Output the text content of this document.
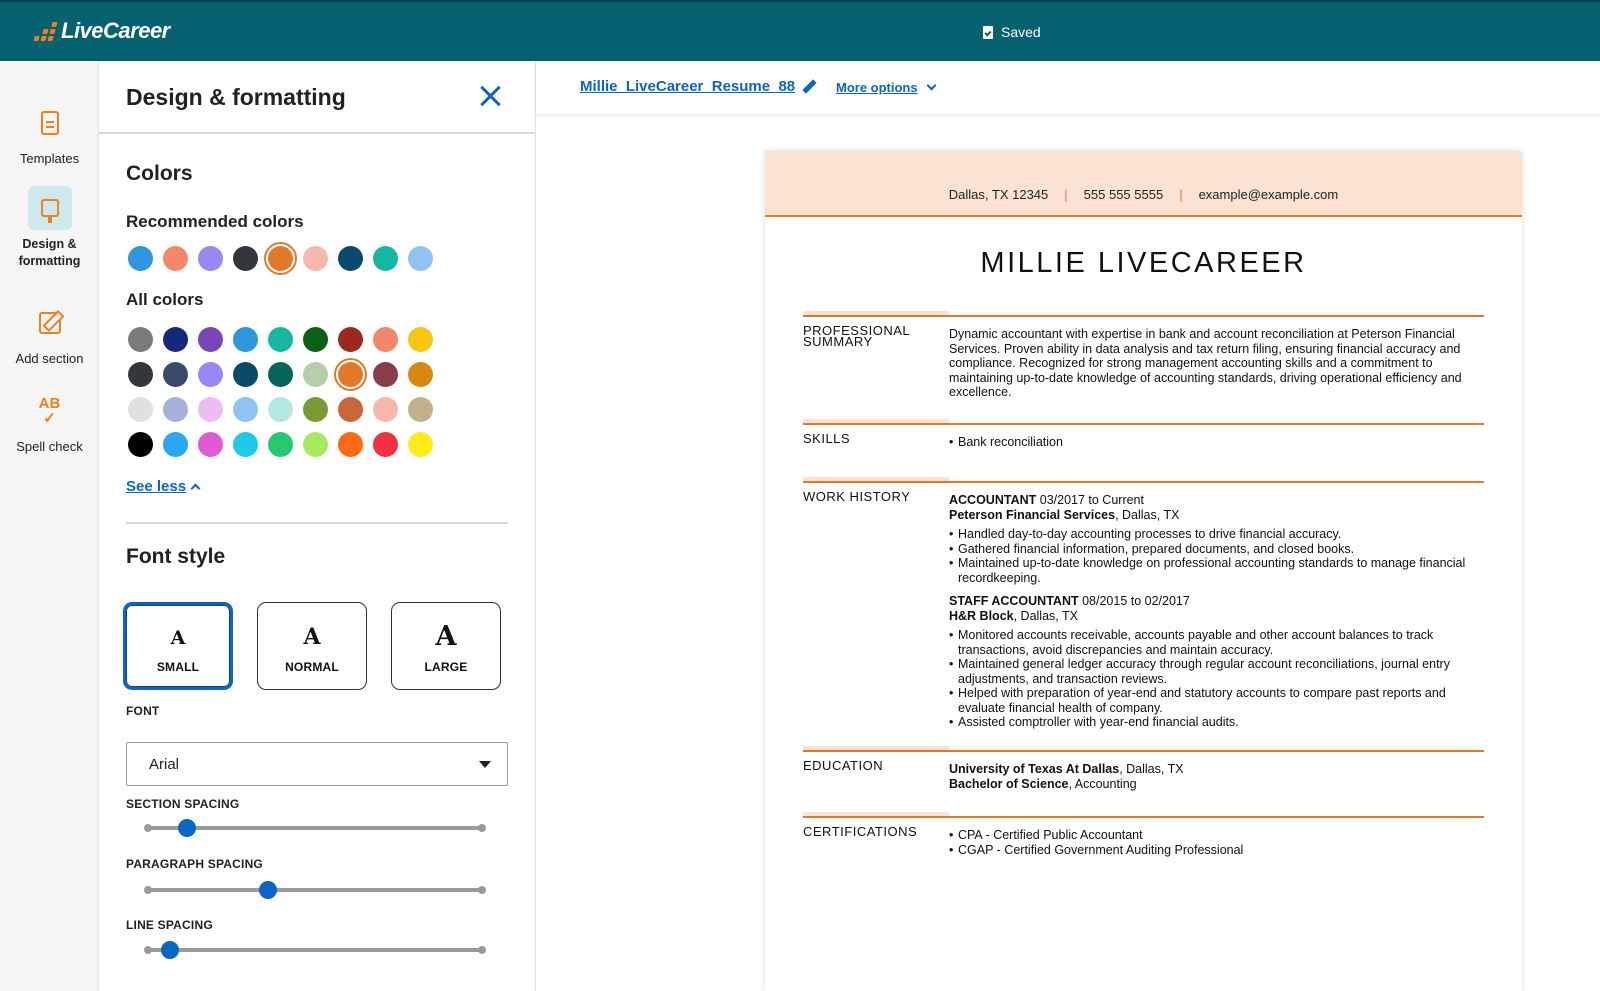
LiveCareer	Saved
Templates
Design & formatting
Add section
AB
✓
Spell check
Design & formatting
Colors
Recommended colors
All colors
See less
Font style
A
SMALL
A
NORMAL
A
LARGE
FONT
Arial
SECTION SPACING
PARAGRAPH SPACING
LINE SPACING
Millie_LiveCareer_Resume_88	More options
Dallas, TX 12345 | 555 555 5555 | example@example.com
MILLIE LIVECAREER
PROFESSIONAL SUMMARY	Dynamic accountant with expertise in bank and account reconciliation at Peterson Financial Services. Proven ability in data analysis and tax return filing, ensuring financial accuracy and compliance. Recognized for strong management accounting skills and a commitment to maintaining up-to-date knowledge of accounting standards, driving operational efficiency and excellence.
SKILLS	• Bank reconciliation
WORK HISTORY	ACCOUNTANT 03/2017 to Current
Peterson Financial Services, Dallas, TX
• Handled day-to-day accounting processes to drive financial accuracy.
• Gathered financial information, prepared documents, and closed books.
• Maintained up-to-date knowledge on professional accounting standards to manage financial recordkeeping.
STAFF ACCOUNTANT 08/2015 to 02/2017
H&R Block, Dallas, TX
• Monitored accounts receivable, accounts payable and other account balances to track transactions, avoid discrepancies and maintain accuracy.
• Maintained general ledger accuracy through regular account reconciliations, journal entry adjustments, and transaction reviews.
• Helped with preparation of year-end and statutory accounts to compare past reports and evaluate financial health of company.
• Assisted comptroller with year-end financial audits.
EDUCATION	University of Texas At Dallas, Dallas, TX
Bachelor of Science, Accounting
CERTIFICATIONS	• CPA - Certified Public Accountant
• CGAP - Certified Government Auditing Professional
